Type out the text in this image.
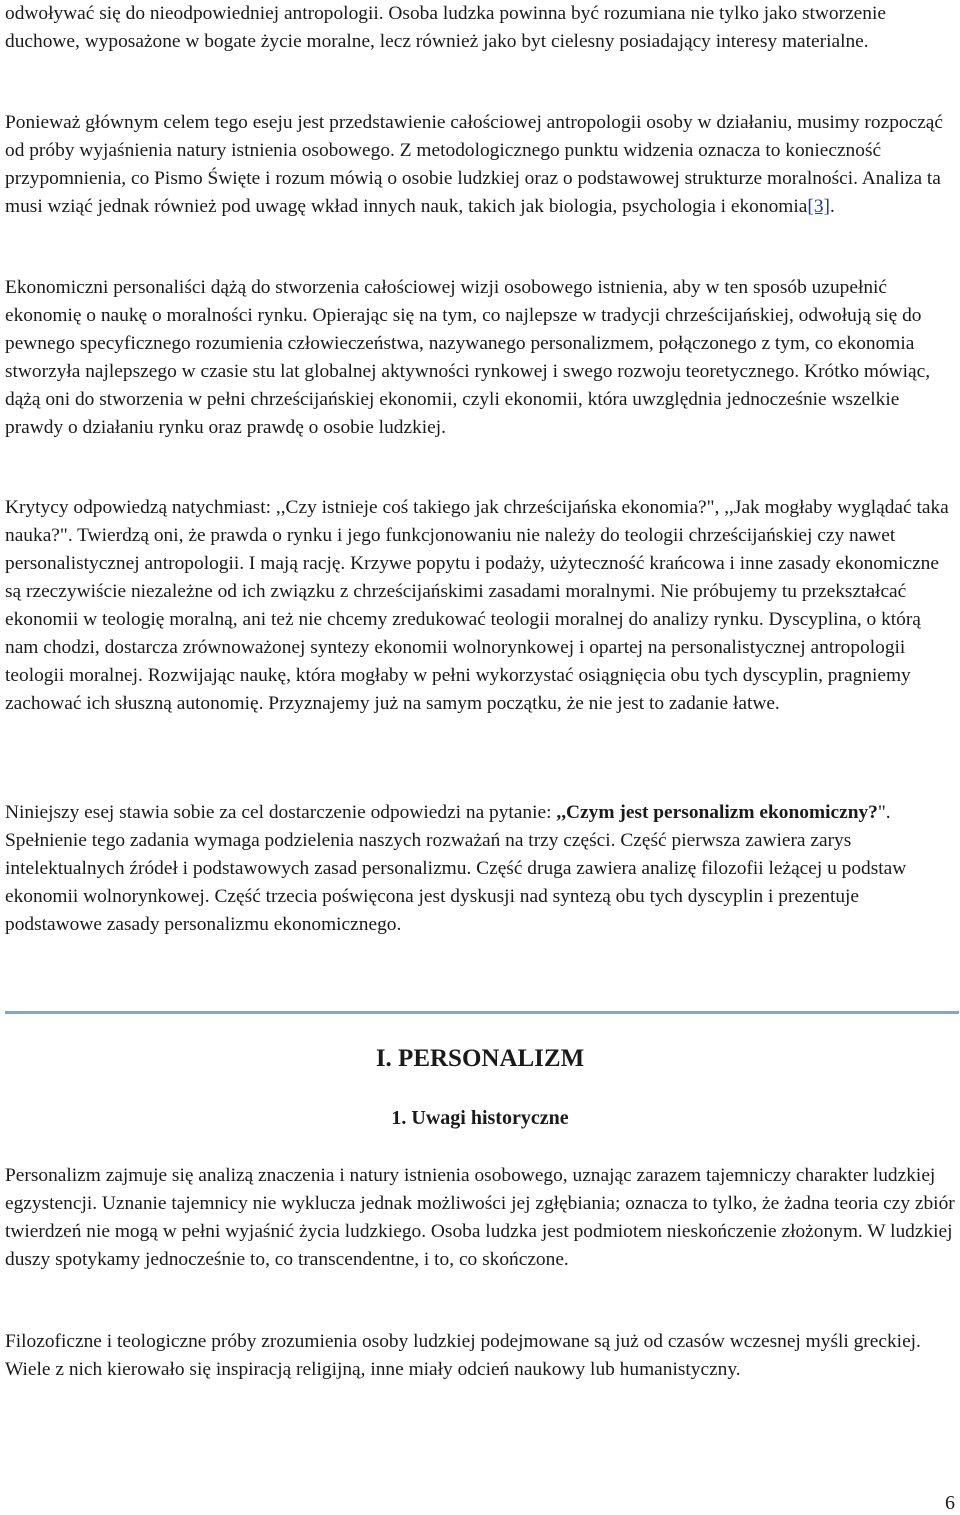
odwoływać się do nieodpowiedniej antropologii. Osoba ludzka powinna być rozumiana nie tylko jako stworzenie duchowe, wyposażone w bogate życie moralne, lecz również jako byt cielesny posiadający interesy materialne.

Ponieważ głównym celem tego eseju jest przedstawienie całościowej antropologii osoby w działaniu, musimy rozpocząć od próby wyjaśnienia natury istnienia osobowego. Z metodologicznego punktu widzenia oznacza to konieczność przypomnienia, co Pismo Święte i rozum mówią o osobie ludzkiej oraz o podstawowej strukturze moralności. Analiza ta musi wziąć jednak również pod uwagę wkład innych nauk, takich jak biologia, psychologia i ekonomia[3].

Ekonomiczni personaliści dążą do stworzenia całościowej wizji osobowego istnienia, aby w ten sposób uzupełnić ekonomię o naukę o moralności rynku. Opierając się na tym, co najlepsze w tradycji chrześcijańskiej, odwołują się do pewnego specyficznego rozumienia człowieczeństwa, nazywanego personalizmem, połączonego z tym, co ekonomia stworzyła najlepszego w czasie stu lat globalnej aktywności rynkowej i swego rozwoju teoretycznego. Krótko mówiąc, dążą oni do stworzenia w pełni chrześcijańskiej ekonomii, czyli ekonomii, która uwzględnia jednocześnie wszelkie prawdy o działaniu rynku oraz prawdę o osobie ludzkiej.

Krytycy odpowiedzą natychmiast: ,,Czy istnieje coś takiego jak chrześcijańska ekonomia?", ,,Jak mogłaby wyglądać taka nauka?". Twierdzą oni, że prawda o rynku i jego funkcjonowaniu nie należy do teologii chrześcijańskiej czy nawet personalistycznej antropologii. I mają rację. Krzywe popytu i podaży, użyteczność krańcowa i inne zasady ekonomiczne są rzeczywiście niezależne od ich związku z chrześcijańskimi zasadami moralnymi. Nie próbujemy tu przekształcać ekonomii w teologię moralną, ani też nie chcemy zredukować teologii moralnej do analizy rynku. Dyscyplina, o którą nam chodzi, dostarcza zrównoważonej syntezy ekonomii wolnorynkowej i opartej na personalistycznej antropologii teologii moralnej. Rozwijając naukę, która mogłaby w pełni wykorzystać osiągnięcia obu tych dyscyplin, pragniemy zachować ich słuszną autonomię. Przyznajemy już na samym początku, że nie jest to zadanie łatwe.

Niniejszy esej stawia sobie za cel dostarczenie odpowiedzi na pytanie: ,,Czym jest personalizm ekonomiczny?". Spełnienie tego zadania wymaga podzielenia naszych rozważań na trzy części. Część pierwsza zawiera zarys intelektualnych źródeł i podstawowych zasad personalizmu. Część druga zawiera analizę filozofii leżącej u podstaw ekonomii wolnorynkowej. Część trzecia poświęcona jest dyskusji nad syntezą obu tych dyscyplin i prezentuje podstawowe zasady personalizmu ekonomicznego.

Personalizm zajmuje się analizą znaczenia i natury istnienia osobowego, uznając zarazem tajemniczy charakter ludzkiej egzystencji. Uznanie tajemnicy nie wyklucza jednak możliwości jej zgłębiania; oznacza to tylko, że żadna teoria czy zbiór twierdzeń nie mogą w pełni wyjaśnić życia ludzkiego. Osoba ludzka jest podmiotem nieskończenie złożonym. W ludzkiej duszy spotykamy jednocześnie to, co transcendentne, i to, co skończone.

Filozoficzne i teologiczne próby zrozumienia osoby ludzkiej podejmowane są już od czasów wczesnej myśli greckiej. Wiele z nich kierowało się inspiracją religijną, inne miały odcień naukowy lub humanistyczny.

I. PERSONALIZM
1. Uwagi historyczne
6
